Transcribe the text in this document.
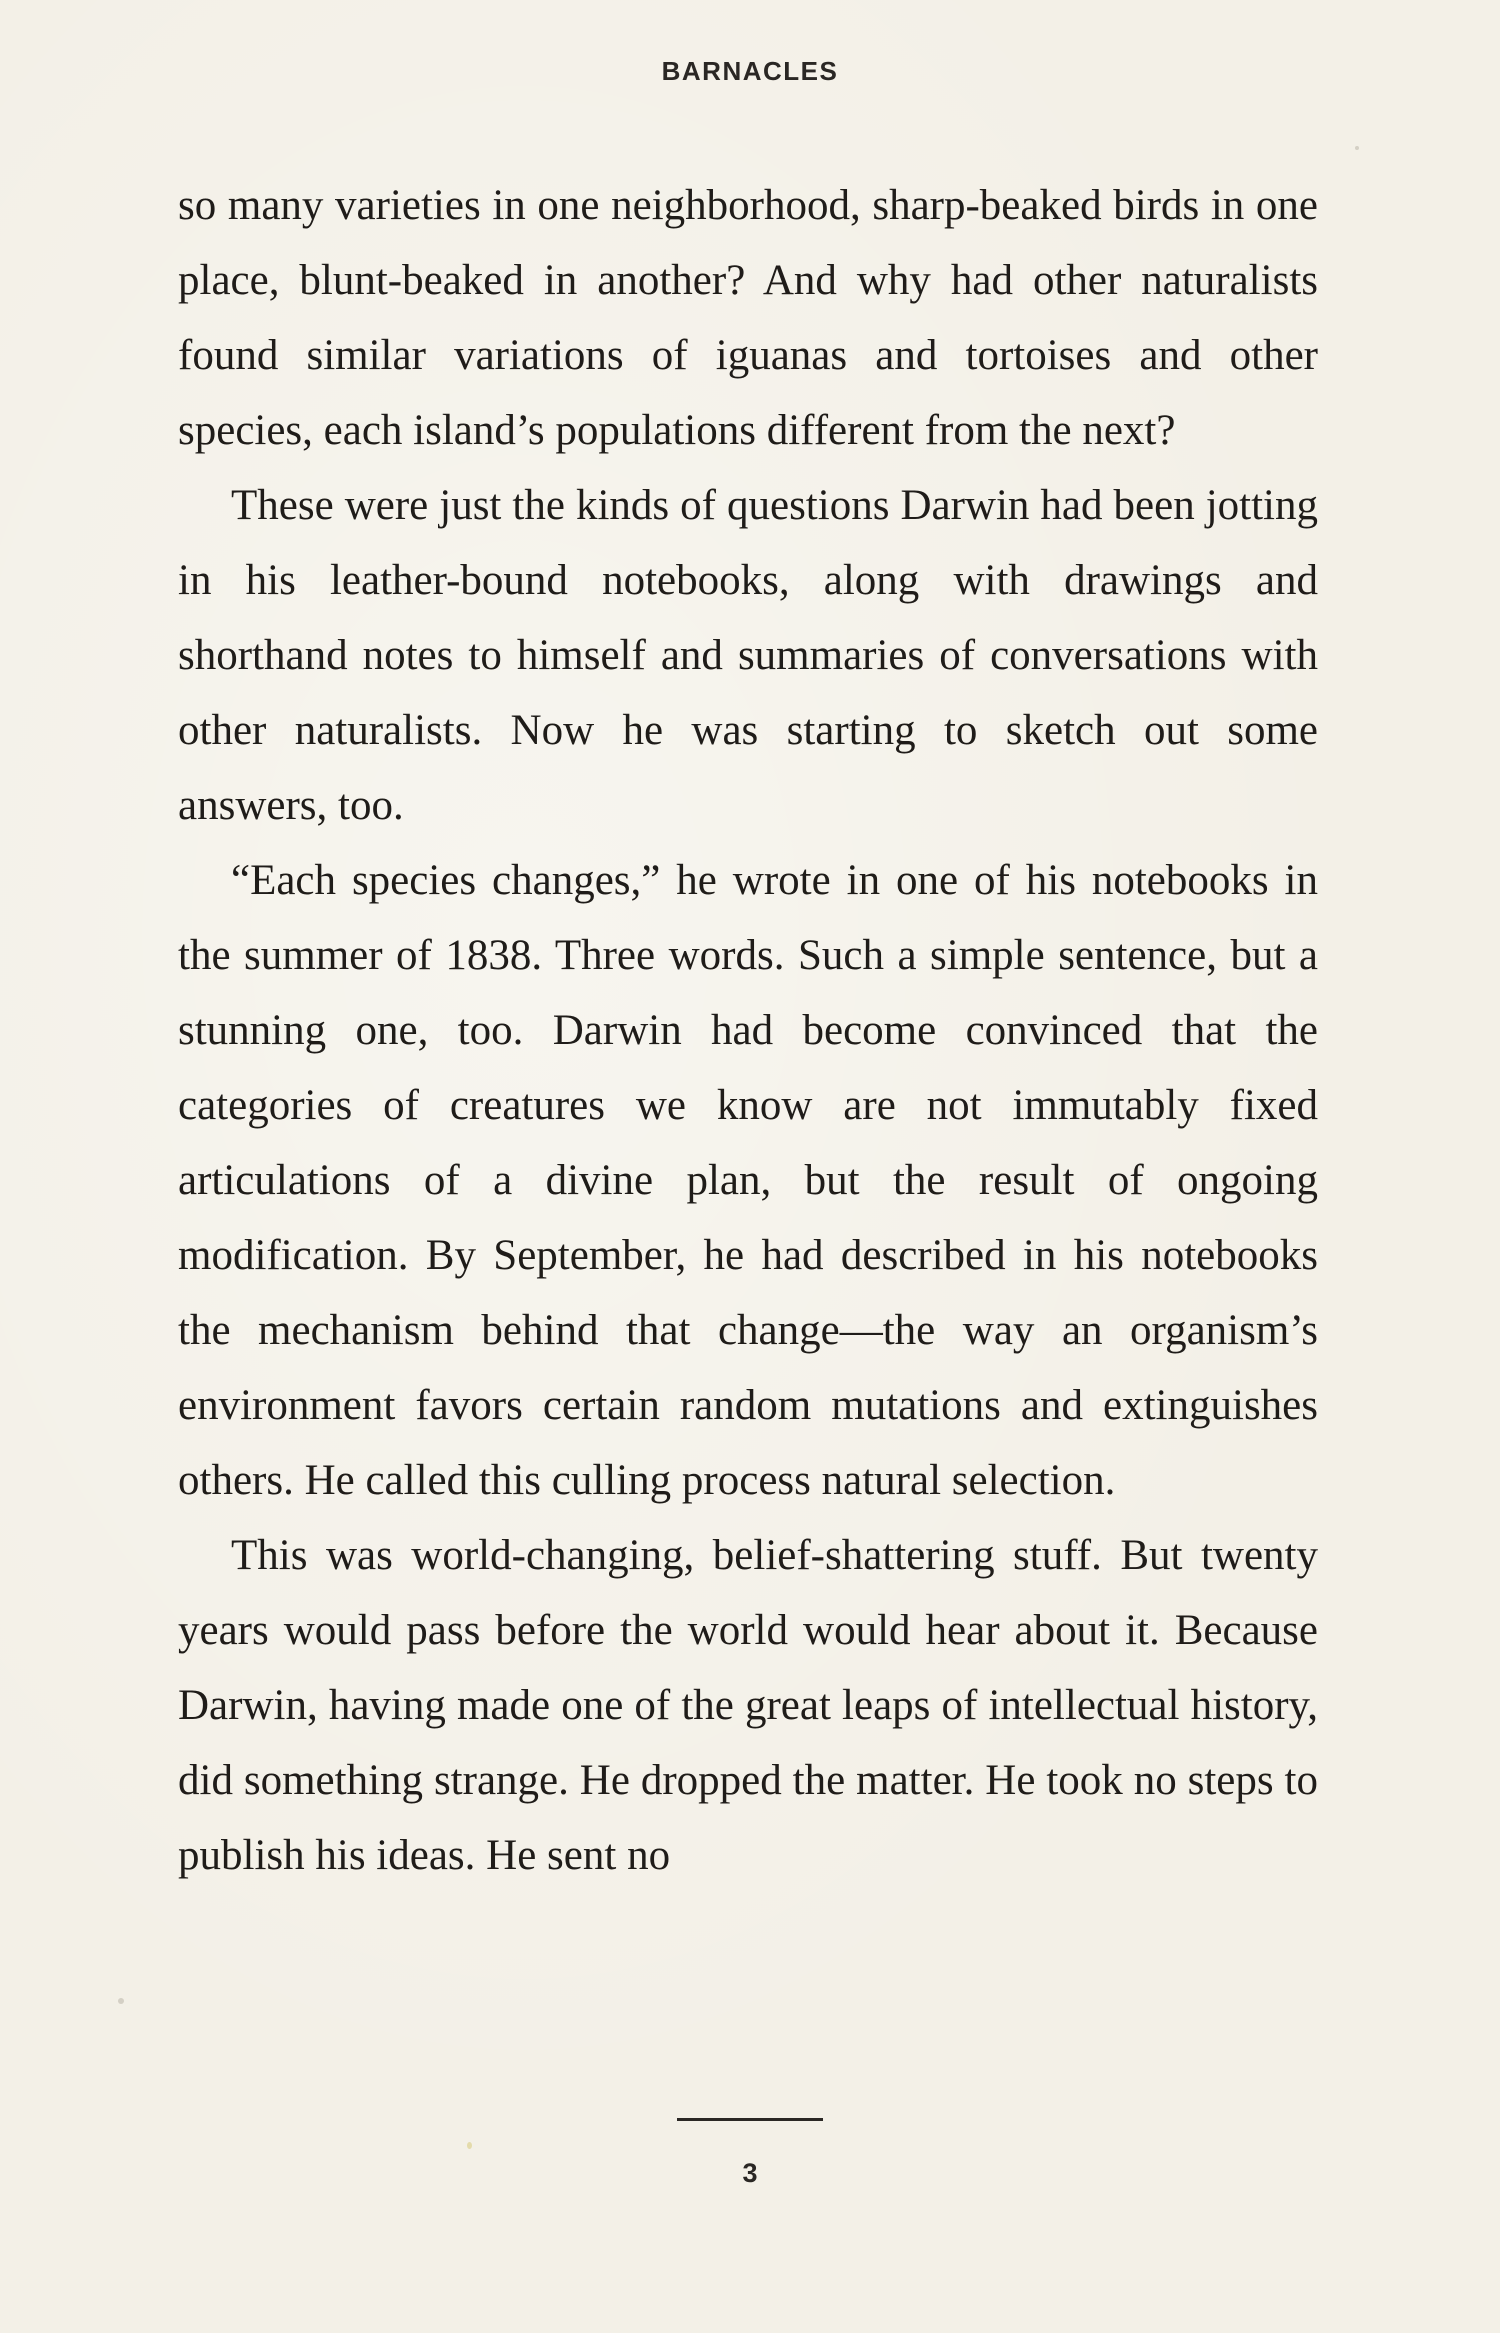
BARNACLES

so many varieties in one neighborhood, sharp-beaked birds in one place, blunt-beaked in another? And why had other naturalists found similar variations of iguanas and tortoises and other species, each island’s populations different from the next?

These were just the kinds of questions Darwin had been jotting in his leather-bound notebooks, along with drawings and shorthand notes to himself and summaries of conversations with other naturalists. Now he was starting to sketch out some answers, too.

“Each species changes,” he wrote in one of his notebooks in the summer of 1838. Three words. Such a simple sentence, but a stunning one, too. Darwin had become convinced that the categories of creatures we know are not immutably fixed articulations of a divine plan, but the result of ongoing modification. By September, he had described in his notebooks the mechanism behind that change—the way an organism’s environment favors certain random mutations and extinguishes others. He called this culling process natural selection.

This was world-changing, belief-shattering stuff. But twenty years would pass before the world would hear about it. Because Darwin, having made one of the great leaps of intellectual history, did something strange. He dropped the matter. He took no steps to publish his ideas. He sent no

3
